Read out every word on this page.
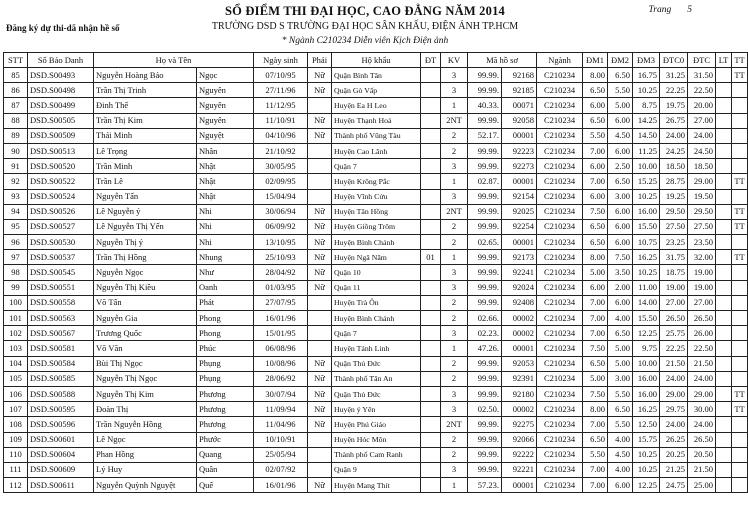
SỔ ĐIỂM THI ĐẠI HỌC, CAO ĐẲNG NĂM 2014	Trang 5
Đăng ký dự thi-dã nhận hề số	TRƯỜNG DSD S TRƯỜNG ĐẠI HỌC SÂN KHẤU, ĐIỆN ẢNH TP.HCM
* Ngành C210234 Diễn viên Kịch Điện ảnh
STT	Số Báo Danh	Họ và Tên		Ngày sinh	Phái	Hộ khẩu	ĐT	KV	Mã hồ sơ		Ngành	ĐM1	ĐM2	ĐM3	ĐTC0	ĐTC	LT	TT
85	DSD.S00493	Nguyễn Hoàng Bảo	Ngọc	07/10/95	Nữ	Quận Bình Tân		3	99.99.	92168	C210234	8.00	6.50	16.75	31.25	31.50		TT
86	DSD.S00498	Trần Thị Trinh	Nguyên	27/11/96	Nữ	Quận Gò Vấp		3	99.99.	92185	C210234	6.50	5.50	10.25	22.25	22.50		
87	DSD.S00499	Đinh Thế	Nguyên	11/12/95		Huyện Ea H Leo		1	40.33.	00071	C210234	6.00	5.00	8.75	19.75	20.00		
88	DSD.S00505	Trần Thị Kim	Nguyên	11/10/91	Nữ	Huyện Thạnh Hoá		2NT	99.99.	92058	C210234	6.50	6.00	14.25	26.75	27.00		
89	DSD.S00509	Thái Minh	Nguyệt	04/10/96	Nữ	Thành phố Vũng Tàu		2	52.17.	00001	C210234	5.50	4.50	14.50	24.00	24.00		
90	DSD.S00513	Lê Trọng	Nhân	21/10/92		Huyện Cao Lãnh		2	99.99.	92223	C210234	7.00	6.00	11.25	24.25	24.50		
91	DSD.S00520	Trần Minh	Nhật	30/05/95		Quận 7		3	99.99.	92273	C210234	6.00	2.50	10.00	18.50	18.50		
92	DSD.S00522	Trần Lê	Nhật	02/09/95		Huyện Krông Pắc		1	02.87.	00001	C210234	7.00	6.50	15.25	28.75	29.00		TT
93	DSD.S00524	Nguyễn Tấn	Nhật	15/04/94		Huyện Vĩnh Cửu		3	99.99.	92154	C210234	6.00	3.00	10.25	19.25	19.50		
94	DSD.S00526	Lê Nguyễn ý	Nhi	30/06/94	Nữ	Huyện Tân Hồng		2NT	99.99.	92025	C210234	7.50	6.00	16.00	29.50	29.50		TT
95	DSD.S00527	Lê Nguyễn Thị Yến	Nhi	06/09/92	Nữ	Huyện Giồng Trôm		2	99.99.	92254	C210234	6.50	6.00	15.50	27.50	27.50		TT
96	DSD.S00530	Nguyễn Thị ý	Nhi	13/10/95	Nữ	Huyện Bình Chánh		2	02.65.	00001	C210234	6.50	6.00	10.75	23.25	23.50		
97	DSD.S00537	Trần Thị Hồng	Nhung	25/10/93	Nữ	Huyện Ngã Năm	01	1	99.99.	92173	C210234	8.00	7.50	16.25	31.75	32.00		TT
98	DSD.S00545	Nguyễn Ngọc	Như	28/04/92	Nữ	Quận 10		3	99.99.	92241	C210234	5.00	3.50	10.25	18.75	19.00		
99	DSD.S00551	Nguyễn Thị Kiều	Oanh	01/03/95	Nữ	Quận 11		3	99.99.	92024	C210234	6.00	2.00	11.00	19.00	19.00		
100	DSD.S00558	Võ Tấn	Phát	27/07/95		Huyện Trà Ôn		2	99.99.	92408	C210234	7.00	6.00	14.00	27.00	27.00		
101	DSD.S00563	Nguyễn Gia	Phong	16/01/96		Huyện Bình Chánh		2	02.66.	00002	C210234	7.00	4.00	15.50	26.50	26.50		
102	DSD.S00567	Trương Quốc	Phong	15/01/95		Quận 7		3	02.23.	00002	C210234	7.00	6.50	12.25	25.75	26.00		
103	DSD.S00581	Võ Văn	Phúc	06/08/96		Huyện Tánh Linh		1	47.26.	00001	C210234	7.50	5.00	9.75	22.25	22.50		
104	DSD.S00584	Bùi Thị Ngọc	Phụng	10/08/96	Nữ	Quận Thủ Đức		2	99.99.	92053	C210234	6.50	5.00	10.00	21.50	21.50		
105	DSD.S00585	Nguyễn Thị Ngọc	Phụng	28/06/92	Nữ	Thành phố Tân An		2	99.99.	92391	C210234	5.00	3.00	16.00	24.00	24.00		
106	DSD.S00588	Nguyễn Thị Kim	Phương	30/07/94	Nữ	Quận Thủ Đức		3	99.99.	92180	C210234	7.50	5.50	16.00	29.00	29.00		TT
107	DSD.S00595	Đoàn Thị	Phương	11/09/94	Nữ	Huyện ý Yên		3	02.50.	00002	C210234	8.00	6.50	16.25	29.75	30.00		TT
108	DSD.S00596	Trần Nguyễn Hồng	Phương	11/04/96	Nữ	Huyện Phú Giáo		2NT	99.99.	92275	C210234	7.00	5.50	12.50	24.00	24.00		
109	DSD.S00601	Lê Ngọc	Phước	10/10/91		Huyện Hóc Môn		2	99.99.	92066	C210234	6.50	4.00	15.75	26.25	26.50		
110	DSD.S00604	Phan Hồng	Quang	25/05/94		Thành phố Cam Ranh		2	99.99.	92222	C210234	5.50	4.50	10.25	20.25	20.50		
111	DSD.S00609	Lý Huy	Quân	02/07/92		Quận 9		3	99.99.	92221	C210234	7.00	4.00	10.25	21.25	21.50		
112	DSD.S00611	Nguyễn Quỳnh Nguyệt	Quế	16/01/96	Nữ	Huyện Mang Thít		1	57.23.	00001	C210234	7.00	6.00	12.25	24.75	25.00		
